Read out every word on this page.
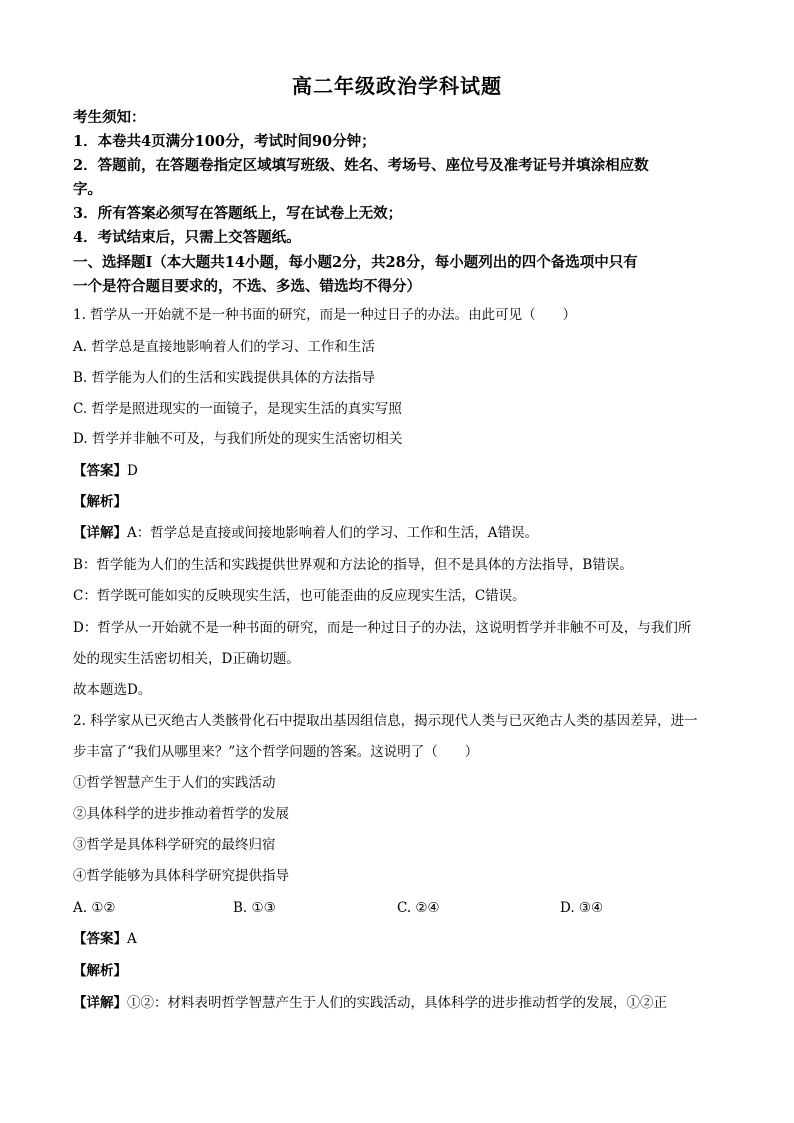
高二年级政治学科试题
考生须知：
1．本卷共4页满分100分，考试时间90分钟；
2．答题前，在答题卷指定区域填写班级、姓名、考场号、座位号及准考证号并填涂相应数
字。
3．所有答案必须写在答题纸上，写在试卷上无效；
4．考试结束后，只需上交答题纸。
一、选择题Ⅰ（本大题共14小题，每小题2分，共28分，每小题列出的四个备选项中只有
一个是符合题目要求的，不选、多选、错选均不得分）
1. 哲学从一开始就不是一种书面的研究，而是一种过日子的办法。由此可见（　　）
A. 哲学总是直接地影响着人们的学习、工作和生活
B. 哲学能为人们的生活和实践提供具体的方法指导
C. 哲学是照进现实的一面镜子，是现实生活的真实写照
D. 哲学并非触不可及，与我们所处的现实生活密切相关
【答案】D
【解析】
【详解】A：哲学总是直接或间接地影响着人们的学习、工作和生活，A错误。
B：哲学能为人们的生活和实践提供世界观和方法论的指导，但不是具体的方法指导，B错误。
C：哲学既可能如实的反映现实生活，也可能歪曲的反应现实生活，C错误。
D：哲学从一开始就不是一种书面的研究，而是一种过日子的办法，这说明哲学并非触不可及，与我们所
处的现实生活密切相关，D正确切题。
故本题选D。
2. 科学家从已灭绝古人类骸骨化石中提取出基因组信息，揭示现代人类与已灭绝古人类的基因差异，进一
步丰富了“我们从哪里来？”这个哲学问题的答案。这说明了（　　）
①哲学智慧产生于人们的实践活动
②具体科学的进步推动着哲学的发展
③哲学是具体科学研究的最终归宿
④哲学能够为具体科学研究提供指导
A. ①②	B. ①③	C. ②④	D. ③④
【答案】A
【解析】
【详解】①②：材料表明哲学智慧产生于人们的实践活动，具体科学的进步推动哲学的发展，①②正
